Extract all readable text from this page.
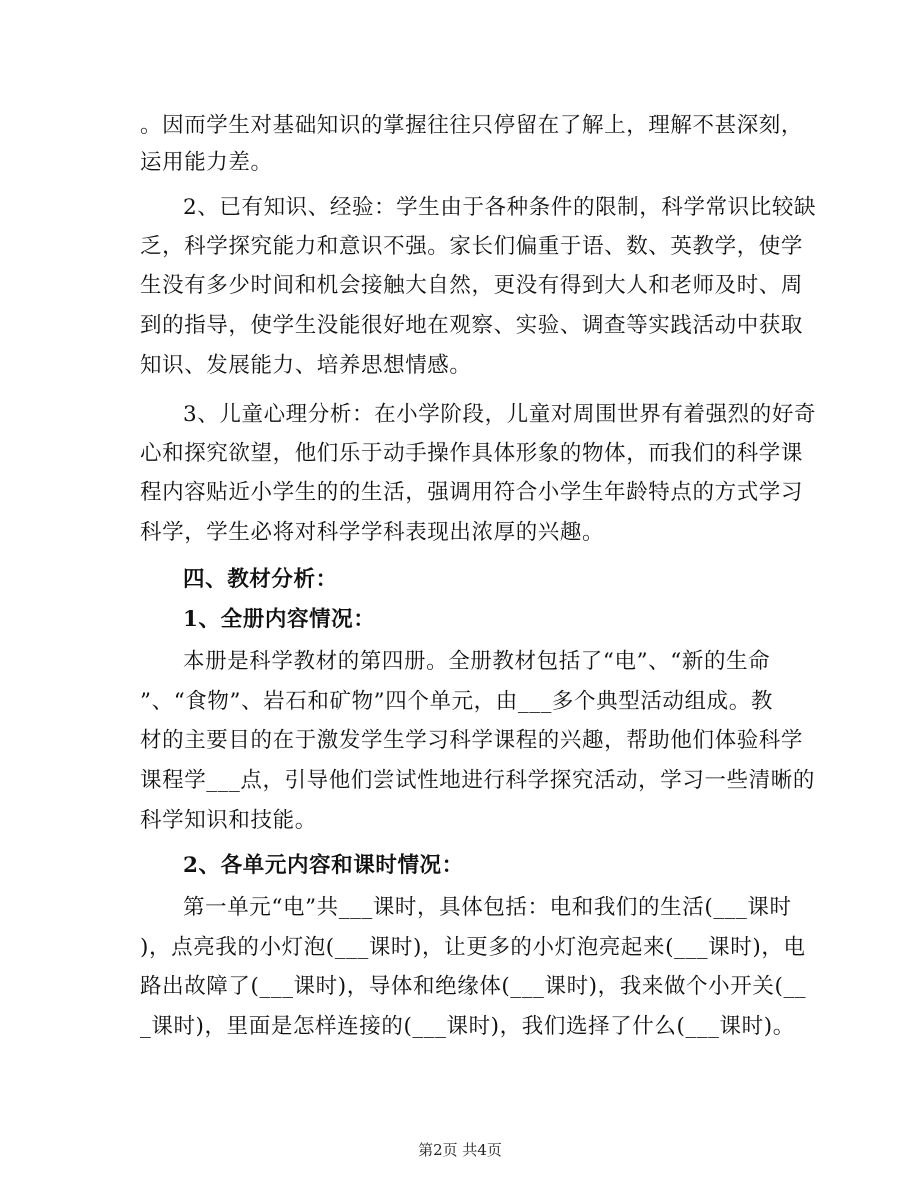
。因而学生对基础知识的掌握往往只停留在了解上，理解不甚深刻，
运用能力差。
2、已有知识、经验：学生由于各种条件的限制，科学常识比较缺
乏，科学探究能力和意识不强。家长们偏重于语、数、英教学，使学
生没有多少时间和机会接触大自然，更没有得到大人和老师及时、周
到的指导，使学生没能很好地在观察、实验、调查等实践活动中获取
知识、发展能力、培养思想情感。
3、儿童心理分析：在小学阶段，儿童对周围世界有着强烈的好奇
心和探究欲望，他们乐于动手操作具体形象的物体，而我们的科学课
程内容贴近小学生的的生活，强调用符合小学生年龄特点的方式学习
科学，学生必将对科学学科表现出浓厚的兴趣。
四、教材分析：
1、全册内容情况：
本册是科学教材的第四册。全册教材包括了“电”、“新的生命
”、“食物”、岩石和矿物”四个单元，由___多个典型活动组成。教
材的主要目的在于激发学生学习科学课程的兴趣，帮助他们体验科学
课程学___点，引导他们尝试性地进行科学探究活动，学习一些清晰的
科学知识和技能。
2、各单元内容和课时情况：
第一单元“电”共___课时，具体包括：电和我们的生活(___课时
)，点亮我的小灯泡(___课时)，让更多的小灯泡亮起来(___课时)，电
路出故障了(___课时)，导体和绝缘体(___课时)，我来做个小开关(__
_课时)，里面是怎样连接的(___课时)，我们选择了什么(___课时)。
第2页 共4页
